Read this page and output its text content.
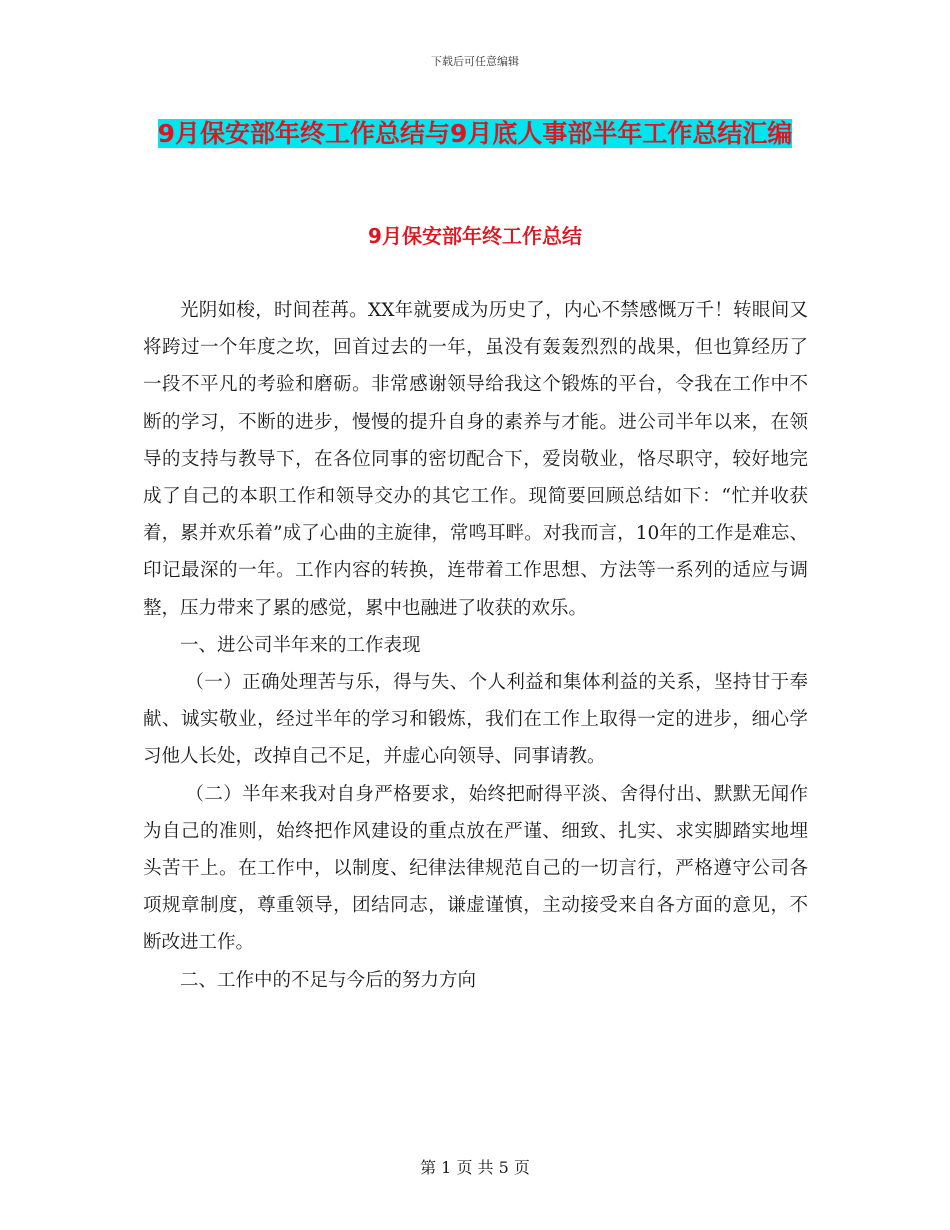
下载后可任意编辑
9月保安部年终工作总结与9月底人事部半年工作总结汇编
9月保安部年终工作总结

光阴如梭，时间茬苒。XX年就要成为历史了，内心不禁感慨万千！转眼间又将跨过一个年度之坎，回首过去的一年，虽没有轰轰烈烈的战果，但也算经历了一段不平凡的考验和磨砺。非常感谢领导给我这个锻炼的平台，令我在工作中不断的学习，不断的进步，慢慢的提升自身的素养与才能。进公司半年以来，在领导的支持与教导下，在各位同事的密切配合下，爱岗敬业，恪尽职守，较好地完成了自己的本职工作和领导交办的其它工作。现简要回顾总结如下：“忙并收获着，累并欢乐着”成了心曲的主旋律，常鸣耳畔。对我而言，10年的工作是难忘、印记最深的一年。工作内容的转换，连带着工作思想、方法等一系列的适应与调整，压力带来了累的感觉，累中也融进了收获的欢乐。

一、进公司半年来的工作表现

（一）正确处理苦与乐，得与失、个人利益和集体利益的关系，坚持甘于奉献、诚实敬业，经过半年的学习和锻炼，我们在工作上取得一定的进步，细心学习他人长处，改掉自己不足，并虚心向领导、同事请教。

（二）半年来我对自身严格要求，始终把耐得平淡、舍得付出、默默无闻作为自己的准则，始终把作风建设的重点放在严谨、细致、扎实、求实脚踏实地埋头苦干上。在工作中，以制度、纪律法律规范自己的一切言行，严格遵守公司各项规章制度，尊重领导，团结同志，谦虚谨慎，主动接受来自各方面的意见，不断改进工作。

二、工作中的不足与今后的努力方向

第 1 页 共 5 页
